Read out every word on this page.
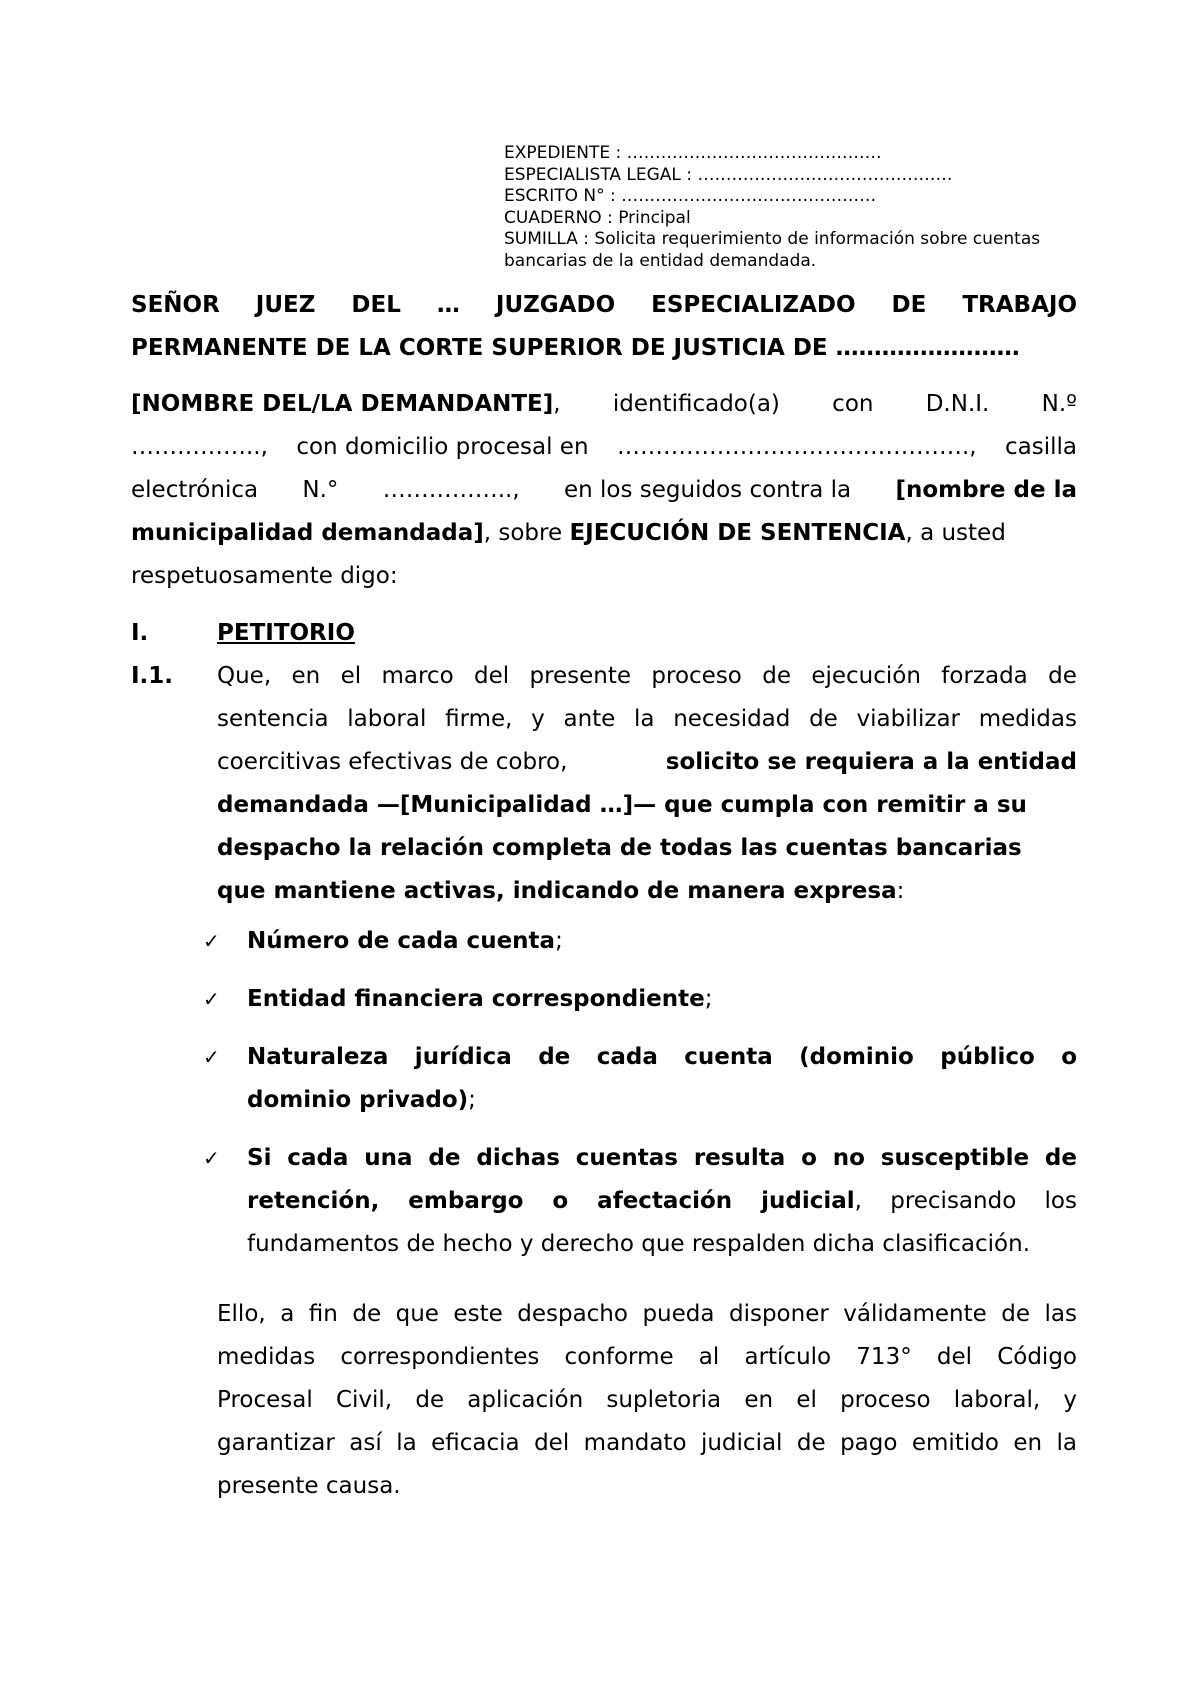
EXPEDIENTE : ………………………………………
ESPECIALISTA LEGAL : ………………………………………
ESCRITO N° : ………………………………………
CUADERNO : Principal
SUMILLA : Solicita requerimiento de información sobre cuentas bancarias de la entidad demandada.
SEÑOR JUEZ DEL … JUZGADO ESPECIALIZADO DE TRABAJO
PERMANENTE DE LA CORTE SUPERIOR DE JUSTICIA DE ……………………
[NOMBRE DEL/LA DEMANDANTE], identificado(a) con D.N.I. N.º
…………….., con domicilio procesal en ………………………………………., casilla
electrónica N.° …………….., en los seguidos contra la [nombre de la
municipalidad demandada], sobre EJECUCIÓN DE SENTENCIA, a usted
respetuosamente digo:
I.	PETITORIO
I.1. Que, en el marco del presente proceso de ejecución forzada de
sentencia laboral firme, y ante la necesidad de viabilizar medidas
coercitivas efectivas de cobro,	solicito se requiera a la entidad
demandada —[Municipalidad …]— que cumpla con remitir a su
despacho la relación completa de todas las cuentas bancarias
que mantiene activas, indicando de manera expresa:
✓ Número de cada cuenta;
✓ Entidad financiera correspondiente;
✓ Naturaleza jurídica de cada cuenta (dominio público o
dominio privado);
✓ Si cada una de dichas cuentas resulta o no susceptible de
retención, embargo o afectación judicial, precisando los
fundamentos de hecho y derecho que respalden dicha clasificación.
Ello, a fin de que este despacho pueda disponer válidamente de las
medidas correspondientes conforme al artículo 713° del Código
Procesal Civil, de aplicación supletoria en el proceso laboral, y
garantizar así la eficacia del mandato judicial de pago emitido en la
presente causa.
